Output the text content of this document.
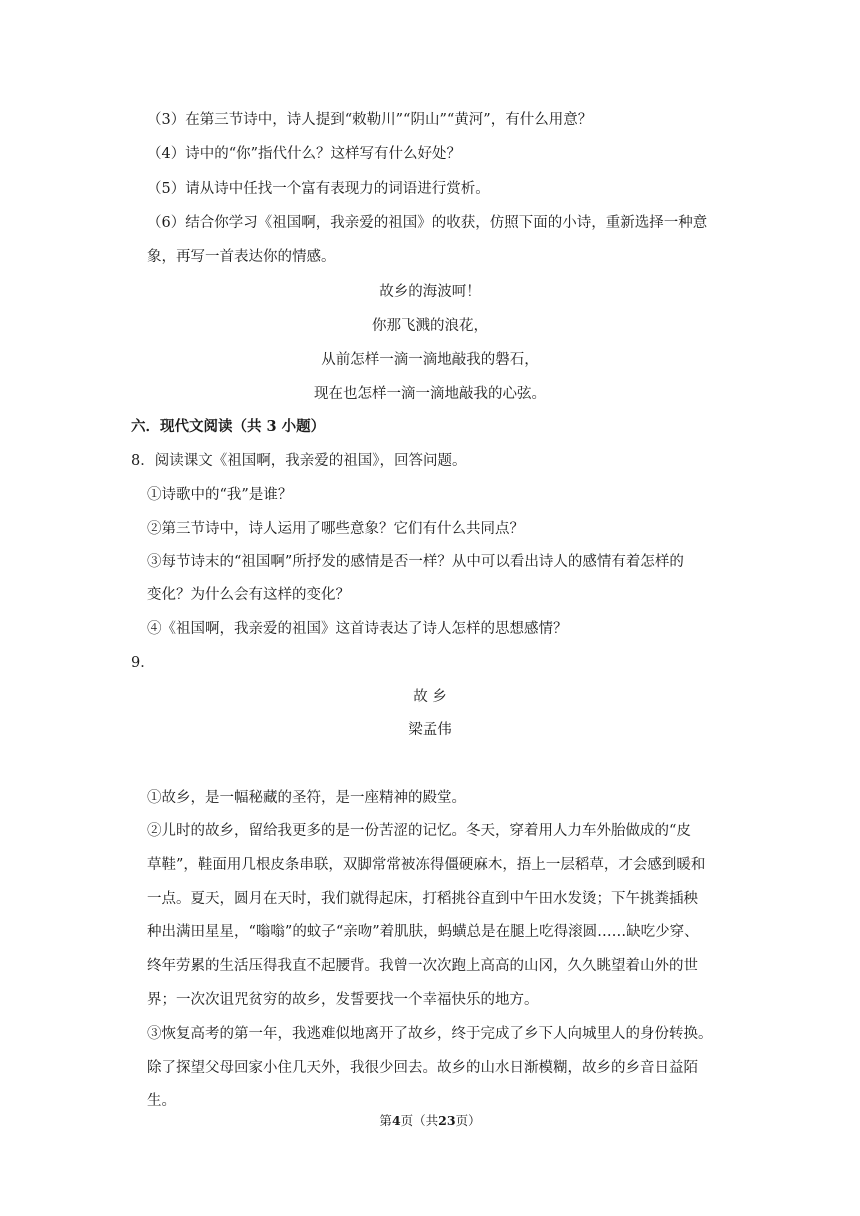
（3）在第三节诗中，诗人提到“敕勒川”“阴山”“黄河”，有什么用意？
（4）诗中的“你”指代什么？这样写有什么好处？
（5）请从诗中任找一个富有表现力的词语进行赏析。
（6）结合你学习《祖国啊，我亲爱的祖国》的收获，仿照下面的小诗，重新选择一种意
象，再写一首表达你的情感。
故乡的海波呵！
你那飞溅的浪花，
从前怎样一滴一滴地敲我的磐石，
现在也怎样一滴一滴地敲我的心弦。
六．现代文阅读（共 3 小题）
8．阅读课文《祖国啊，我亲爱的祖国》，回答问题。
①诗歌中的“我”是谁？
②第三节诗中，诗人运用了哪些意象？它们有什么共同点？
③每节诗末的“祖国啊”所抒发的感情是否一样？从中可以看出诗人的感情有着怎样的
变化？为什么会有这样的变化？
④《祖国啊，我亲爱的祖国》这首诗表达了诗人怎样的思想感情？
9．
故 乡
梁孟伟
①故乡，是一幅秘藏的圣符，是一座精神的殿堂。
②儿时的故乡，留给我更多的是一份苦涩的记忆。冬天，穿着用人力车外胎做成的“皮
草鞋”，鞋面用几根皮条串联，双脚常常被冻得僵硬麻木，捂上一层稻草，才会感到暖和
一点。夏天，圆月在天时，我们就得起床，打稻挑谷直到中午田水发烫；下午挑粪插秧
种出满田星星，“嗡嗡”的蚊子“亲吻”着肌肤，蚂蟥总是在腿上吃得滚圆……缺吃少穿、
终年劳累的生活压得我直不起腰背。我曾一次次跑上高高的山冈，久久眺望着山外的世
界；一次次诅咒贫穷的故乡，发誓要找一个幸福快乐的地方。
③恢复高考的第一年，我逃难似地离开了故乡，终于完成了乡下人向城里人的身份转换。
除了探望父母回家小住几天外，我很少回去。故乡的山水日渐模糊，故乡的乡音日益陌
生。
第4页（共23页）
